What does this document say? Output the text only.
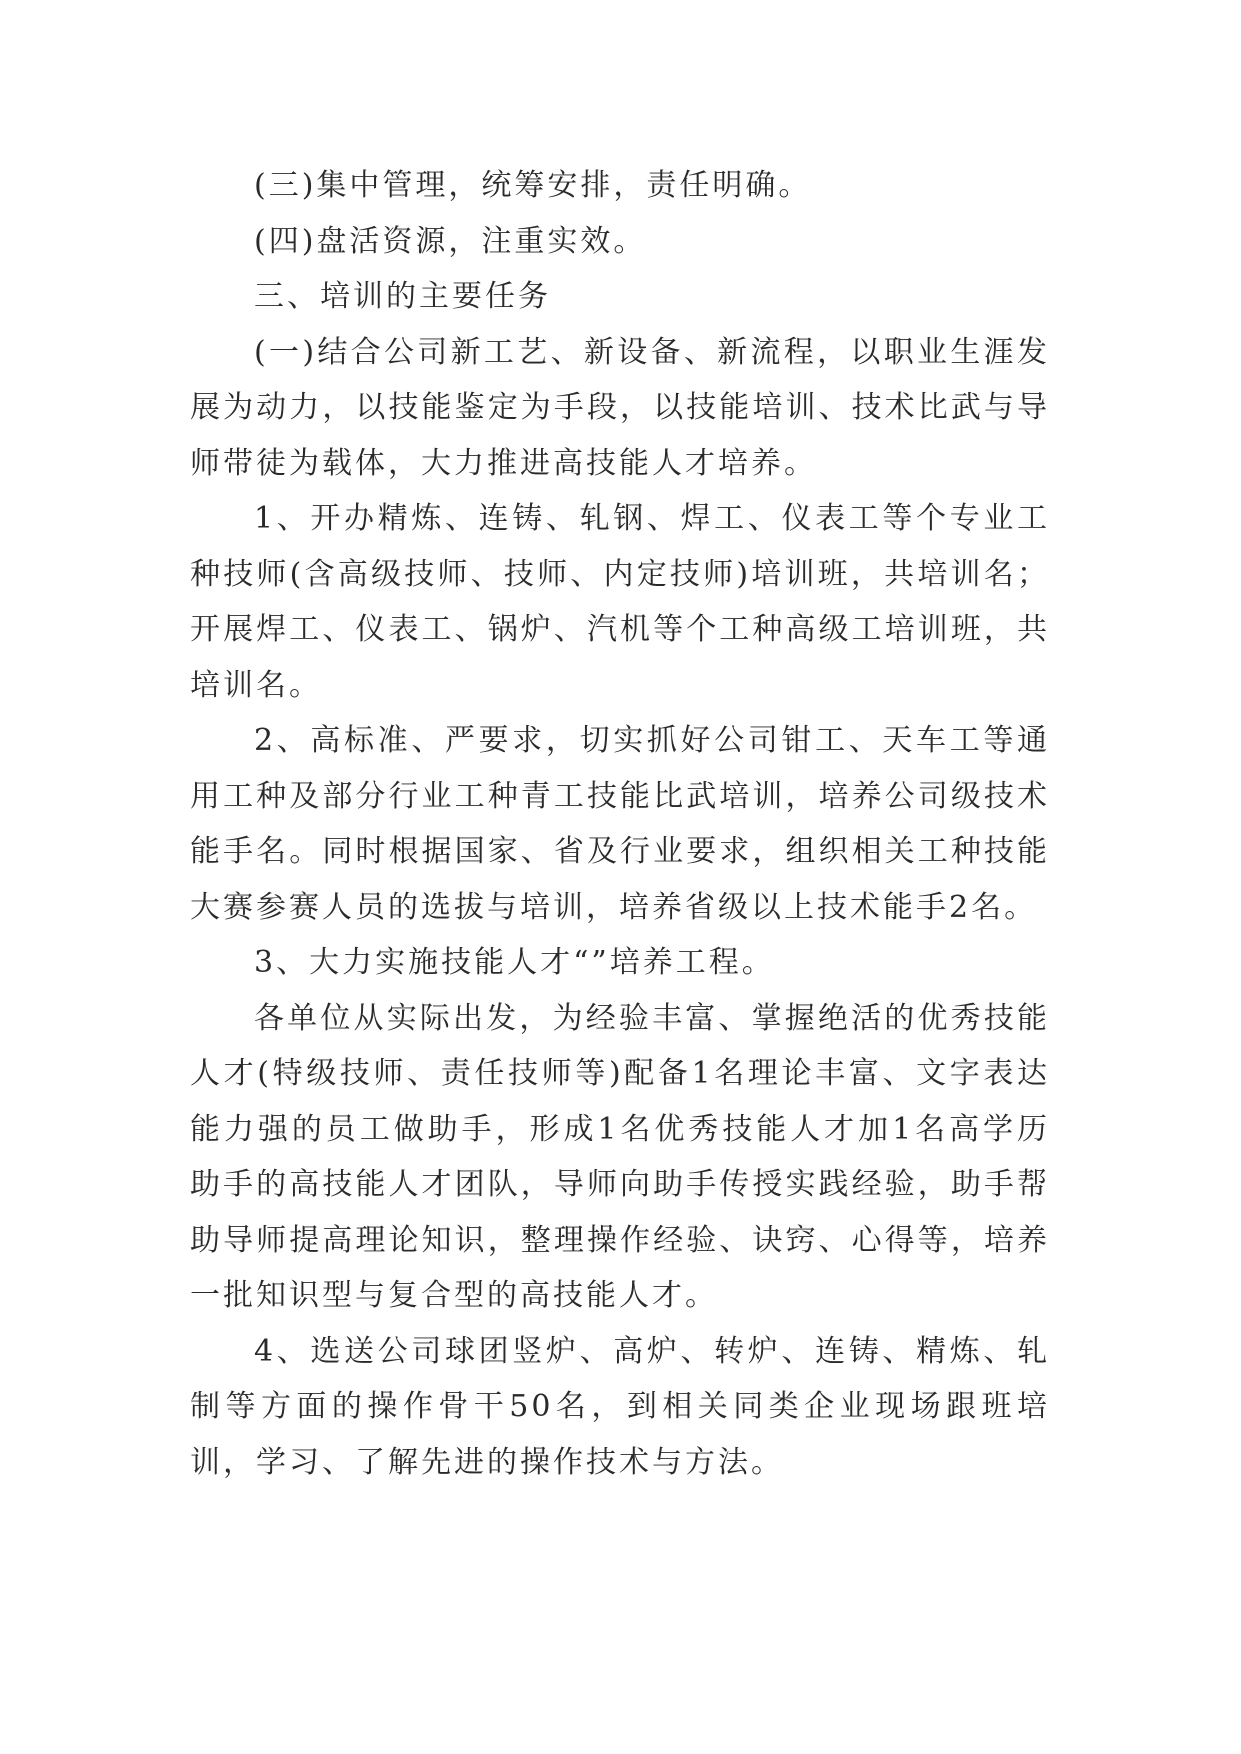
(三)集中管理，统筹安排，责任明确。

(四)盘活资源，注重实效。

三、培训的主要任务

(一)结合公司新工艺、新设备、新流程，以职业生涯发展为动力，以技能鉴定为手段，以技能培训、技术比武与导师带徒为载体，大力推进高技能人才培养。

1、开办精炼、连铸、轧钢、焊工、仪表工等个专业工种技师(含高级技师、技师、内定技师)培训班，共培训名；开展焊工、仪表工、锅炉、汽机等个工种高级工培训班，共培训名。

2、高标准、严要求，切实抓好公司钳工、天车工等通用工种及部分行业工种青工技能比武培训，培养公司级技术能手名。同时根据国家、省及行业要求，组织相关工种技能大赛参赛人员的选拔与培训，培养省级以上技术能手2名。

3、大力实施技能人才“”培养工程。

各单位从实际出发，为经验丰富、掌握绝活的优秀技能人才(特级技师、责任技师等)配备1名理论丰富、文字表达能力强的员工做助手，形成1名优秀技能人才加1名高学历助手的高技能人才团队，导师向助手传授实践经验，助手帮助导师提高理论知识，整理操作经验、诀窍、心得等，培养一批知识型与复合型的高技能人才。

4、选送公司球团竖炉、高炉、转炉、连铸、精炼、轧制等方面的操作骨干50名，到相关同类企业现场跟班培训，学习、了解先进的操作技术与方法。
